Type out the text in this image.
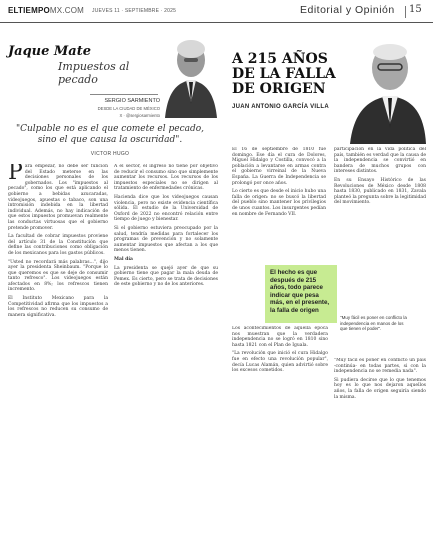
ELTIEMPOMX.COM JUEVES 11 · SEPTIEMBRE · 2025	Editorial y Opinión 15
Jaque Mate
Impuestos al pecado
SERGIO SARMIENTO
DESDE LA CIUDAD DE MÉXICO
X · @sergiosarmiento
"Culpable no es el que comete el pecado, sino el que causa la oscuridad".
VICTOR HUGO
Para empezar, no debe ser función del Estado meterse en las decisiones personales de los gobernados. Los "impuestos al pecado", como los que está aplicando el gobierno a bebidas azucaradas, videojuegos, apuestas o tabaco, son una intromisión indebida en la libertad individual. Además, no hay indicación de que estos impuestos promuevan realmente las conductas virtuosas que el gobierno pretende promover.

La facultad de cobrar impuestos proviene del artículo 31 de la Constitución que define las contribuciones como obligación de los mexicanos para los gastos públicos.

"Usted no recordará más palabras...", dijo ayer la presidenta Sheinbaum. "Porque lo que queremos es que se deje de consumir tanto refresco". Los videojuegos están afectados en 8%; los refrescos tienen incremento.

El Instituto Mexicano para la Competitividad afirma que los impuestos a los refrescos no reducen su consumo de manera significativa.

A el sector, el ingreso no tiene por objetivo de reducir el consumo sino que simplemente aumentar los recursos. Los recursos de los impuestos especiales no se dirigen al tratamiento de enfermedades crónicas.

Hacienda dice que los videojuegos causan violencia, pero no existe evidencia científica sólida. El estudio de la Universidad de Oxford de 2022 no encontró relación entre tiempo de juego y bienestar.

Si el gobierno estuviera preocupado por la salud, tendría medidas para fortalecer los programas de prevención y no solamente aumentar impuestos que afectan a los que menos tienen.

Mal día

La presidenta se quejó ayer de que su gobierno tiene que pagar la mala deuda de Pemex. Es cierto, pero se trata de decisiones de este gobierno y no de los anteriores.

A 215 AÑOS DE LA FALLA DE ORIGEN
JUAN ANTONIO GARCÍA VILLA

El 16 de septiembre de 1810 fue domingo. Ese día el cura de Dolores, Miguel Hidalgo y Costilla, convocó a la población a levantarse en armas contra el gobierno virreinal de la Nueva España. La Guerra de Independencia se prolongó por once años.

Lo cierto es que desde el inicio hubo una falla de origen: no se buscó la libertad del pueblo sino mantener los privilegios de unos cuantos. Los insurgentes pedían en nombre de Fernando VII.

El hecho es que después de 215 años, todo parece indicar que pesa más, en el presente, la falla de origen

Los acontecimientos de aquella época nos muestran que la verdadera independencia no se logró en 1810 sino hasta 1821 con el Plan de Iguala.

"La revolución que inició el cura Hidalgo fue en efecto una revolución popular", decía Lucas Alamán, quien advirtió sobre los excesos cometidos.

participación en la vida política del país, también es verdad que la causa de la independencia se convirtió en bandera de muchos grupos con intereses distintos.

En su Ensayo Histórico de las Revoluciones de México desde 1808 hasta 1830, publicado en 1831, Zavala planteó la pregunta sobre la legitimidad del movimiento.

"Muy fácil es poner en conflicto la independencia en manos de los que tienen el poder".

"Muy fácil es poner en conflicto un país -continúa- en todas partes, si con la independencia no se remedia nada".

Si pudiera decirse que lo que tenemos hoy es lo que nos dejaron aquellos años, la falla de origen seguiría siendo la misma.
